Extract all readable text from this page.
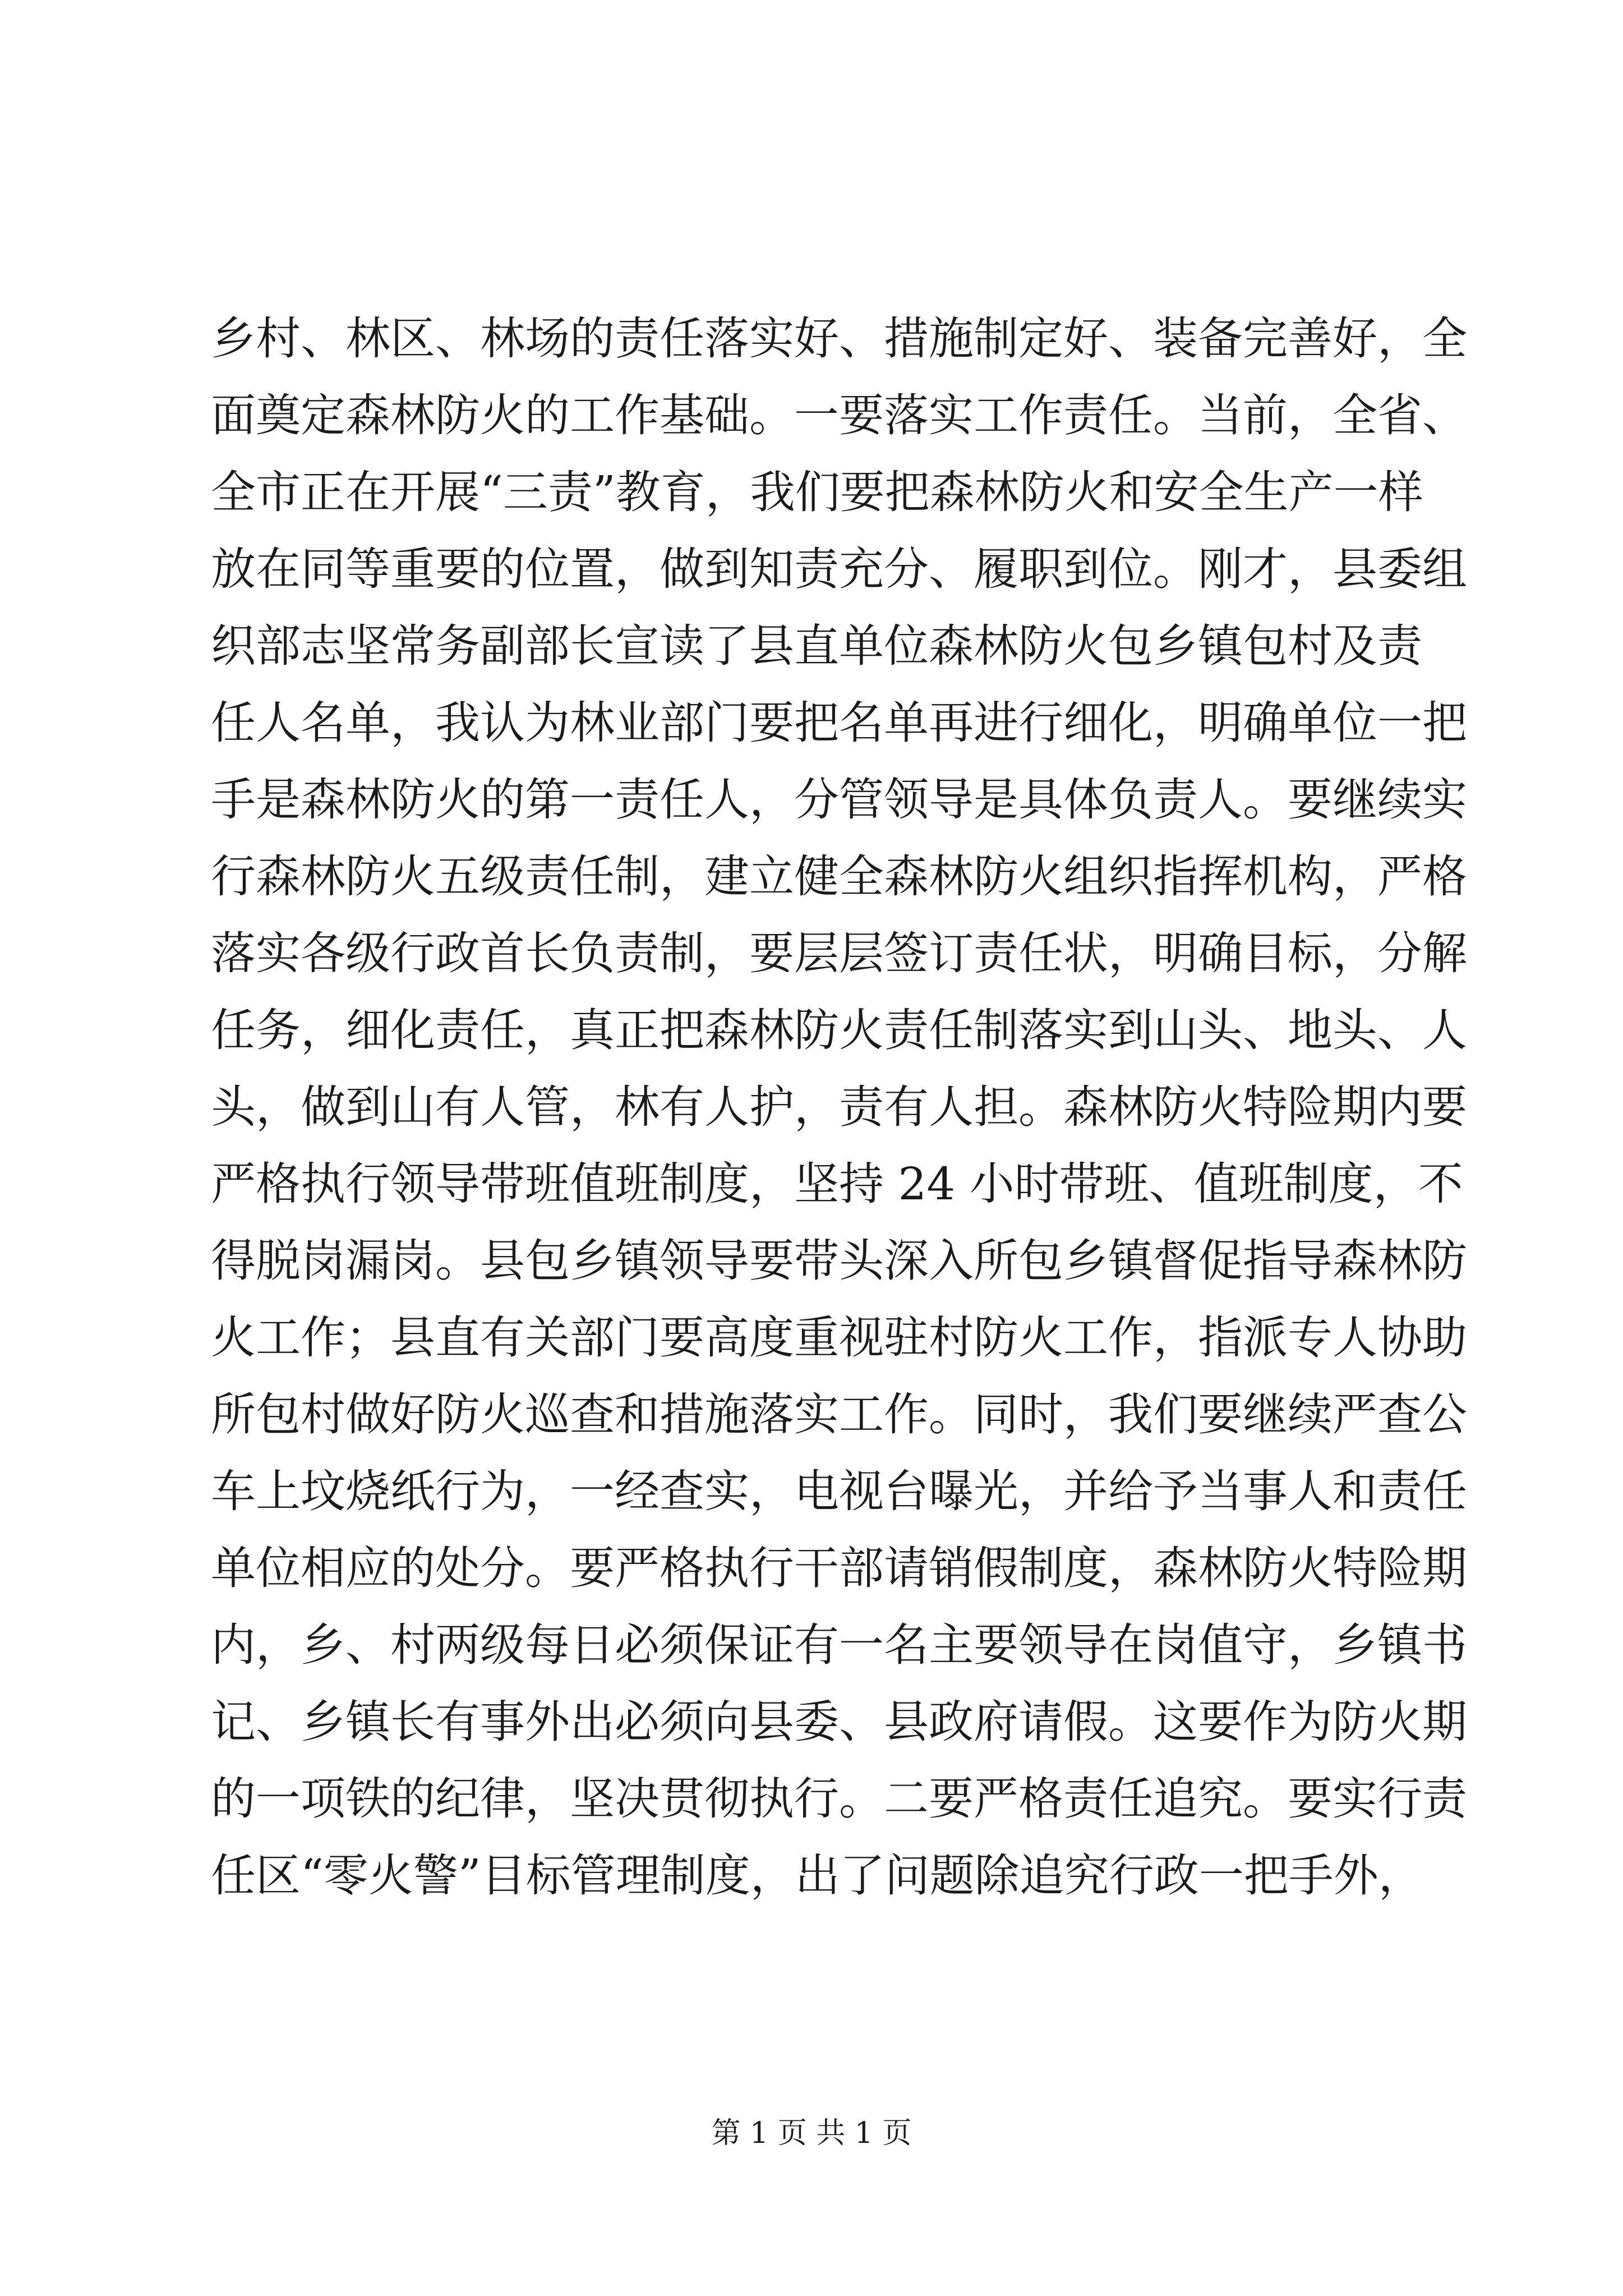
乡村、林区、林场的责任落实好、措施制定好、装备完善好，全
面奠定森林防火的工作基础。一要落实工作责任。当前，全省、
全市正在开展“三责”教育，我们要把森林防火和安全生产一样
放在同等重要的位置，做到知责充分、履职到位。刚才，县委组
织部志坚常务副部长宣读了县直单位森林防火包乡镇包村及责
任人名单，我认为林业部门要把名单再进行细化，明确单位一把
手是森林防火的第一责任人，分管领导是具体负责人。要继续实
行森林防火五级责任制，建立健全森林防火组织指挥机构，严格
落实各级行政首长负责制，要层层签订责任状，明确目标，分解
任务，细化责任，真正把森林防火责任制落实到山头、地头、人
头，做到山有人管，林有人护，责有人担。森林防火特险期内要
严格执行领导带班值班制度，坚持 24 小时带班、值班制度，不
得脱岗漏岗。县包乡镇领导要带头深入所包乡镇督促指导森林防
火工作；县直有关部门要高度重视驻村防火工作，指派专人协助
所包村做好防火巡查和措施落实工作。同时，我们要继续严查公
车上坟烧纸行为，一经查实，电视台曝光，并给予当事人和责任
单位相应的处分。要严格执行干部请销假制度，森林防火特险期
内，乡、村两级每日必须保证有一名主要领导在岗值守，乡镇书
记、乡镇长有事外出必须向县委、县政府请假。这要作为防火期
的一项铁的纪律，坚决贯彻执行。二要严格责任追究。要实行责
任区“零火警”目标管理制度，出了问题除追究行政一把手外，
第 1 页 共 1 页
